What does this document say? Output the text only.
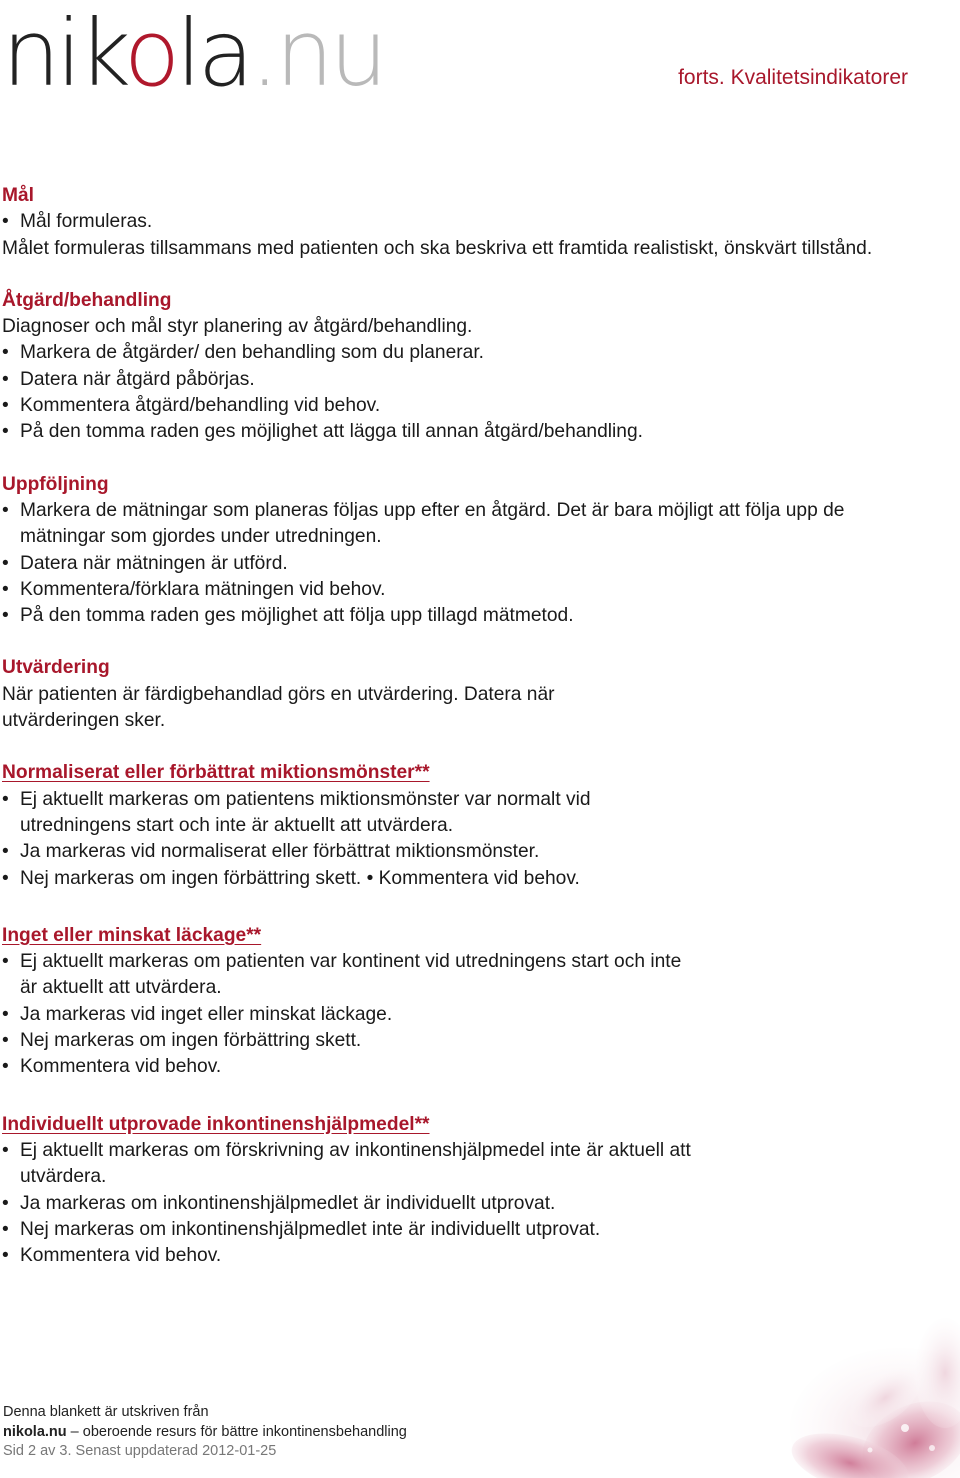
nikola.nu	forts. Kvalitetsindikatorer
Mål
• Mål formuleras.
Målet formuleras tillsammans med patienten och ska beskriva ett framtida realistiskt, önskvärt tillstånd.
Åtgärd/behandling
Diagnoser och mål styr planering av åtgärd/behandling.
• Markera de åtgärder/ den behandling som du planerar.
• Datera när åtgärd påbörjas.
• Kommentera åtgärd/behandling vid behov.
• På den tomma raden ges möjlighet att lägga till annan åtgärd/behandling.
Uppföljning
• Markera de mätningar som planeras följas upp efter en åtgärd. Det är bara möjligt att följa upp de mätningar som gjordes under utredningen.
• Datera när mätningen är utförd.
• Kommentera/förklara mätningen vid behov.
• På den tomma raden ges möjlighet att följa upp tillagd mätmetod.
Utvärdering
När patienten är färdigbehandlad görs en utvärdering. Datera när utvärderingen sker.
Normaliserat eller förbättrat miktionsmönster**
• Ej aktuellt markeras om patientens miktionsmönster var normalt vid utredningens start och inte är aktuellt att utvärdera.
• Ja markeras vid normaliserat eller förbättrat miktionsmönster.
• Nej markeras om ingen förbättring skett. • Kommentera vid behov.
Inget eller minskat läckage**
• Ej aktuellt markeras om patienten var kontinent vid utredningens start och inte är aktuellt att utvärdera.
• Ja markeras vid inget eller minskat läckage.
• Nej markeras om ingen förbättring skett.
• Kommentera vid behov.
Individuellt utprovade inkontinenshjälpmedel**
• Ej aktuellt markeras om förskrivning av inkontinenshjälpmedel inte är aktuell att utvärdera.
• Ja markeras om inkontinenshjälpmedlet är individuellt utprovat.
• Nej markeras om inkontinenshjälpmedlet inte är individuellt utprovat.
• Kommentera vid behov.
Denna blankett är utskriven från
nikola.nu – oberoende resurs för bättre inkontinensbehandling
Sid 2 av 3. Senast uppdaterad 2012-01-25
